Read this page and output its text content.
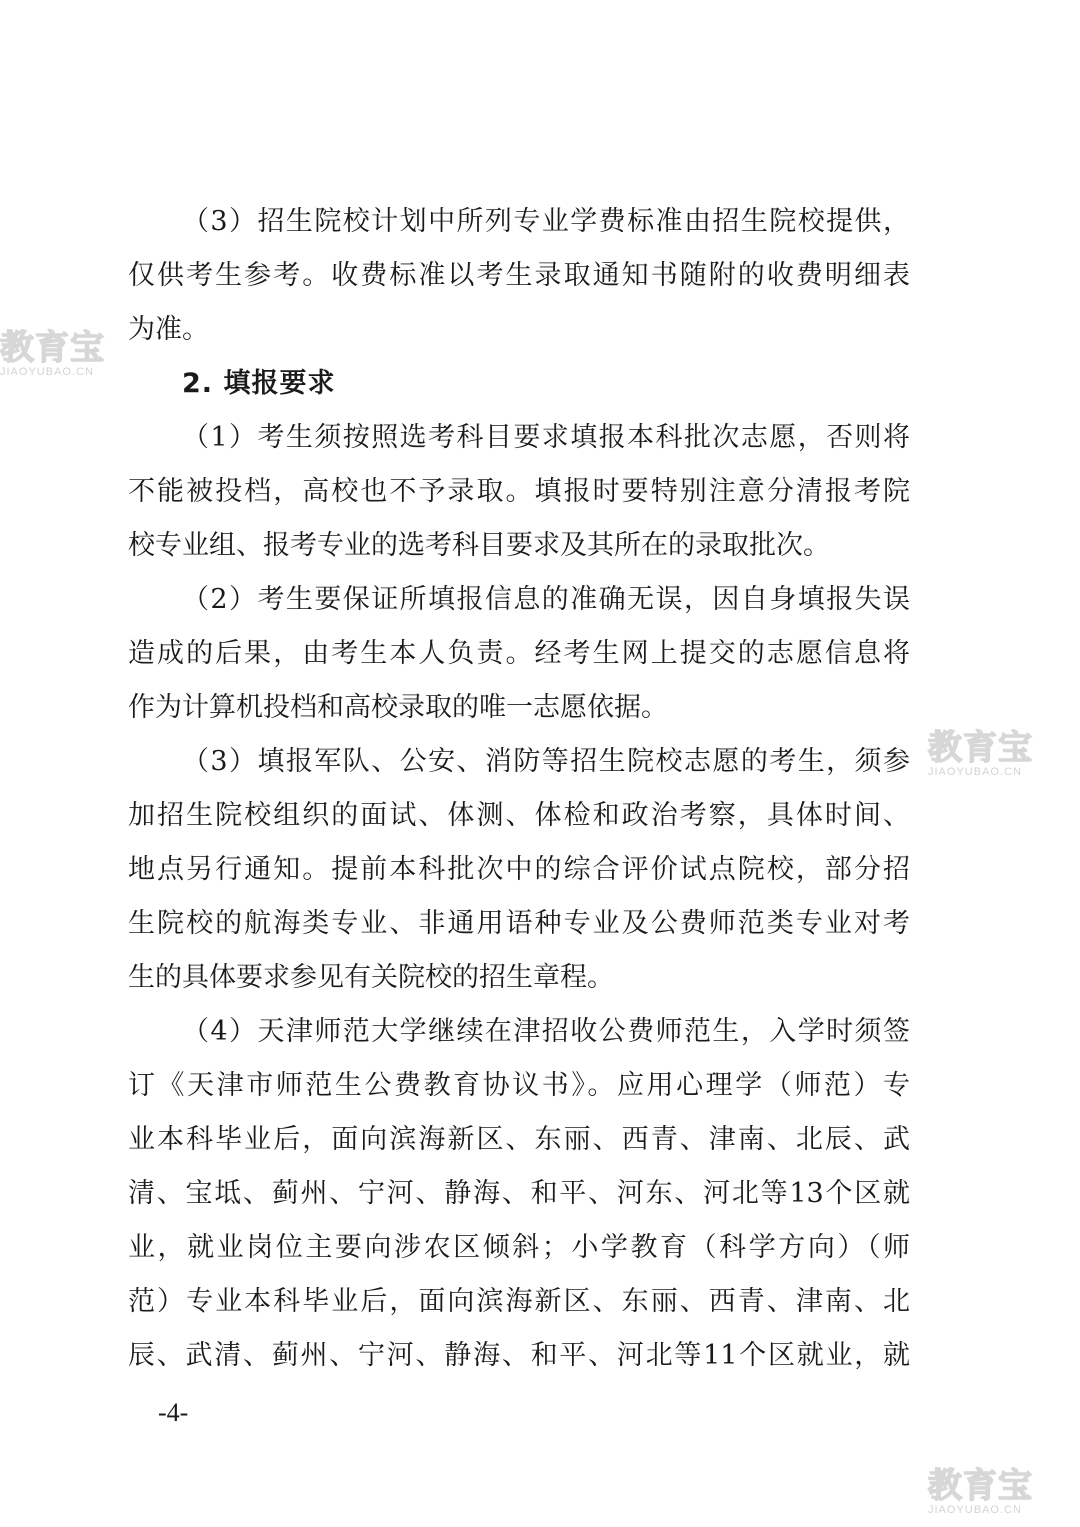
（3）招生院校计划中所列专业学费标准由招生院校提供，
仅供考生参考。收费标准以考生录取通知书随附的收费明细表
为准。
2. 填报要求
（1）考生须按照选考科目要求填报本科批次志愿，否则将
不能被投档，高校也不予录取。填报时要特别注意分清报考院
校专业组、报考专业的选考科目要求及其所在的录取批次。
（2）考生要保证所填报信息的准确无误，因自身填报失误
造成的后果，由考生本人负责。经考生网上提交的志愿信息将
作为计算机投档和高校录取的唯一志愿依据。
（3）填报军队、公安、消防等招生院校志愿的考生，须参
加招生院校组织的面试、体测、体检和政治考察，具体时间、
地点另行通知。提前本科批次中的综合评价试点院校，部分招
生院校的航海类专业、非通用语种专业及公费师范类专业对考
生的具体要求参见有关院校的招生章程。
（4）天津师范大学继续在津招收公费师范生，入学时须签
订《天津市师范生公费教育协议书》。应用心理学（师范）专
业本科毕业后，面向滨海新区、东丽、西青、津南、北辰、武
清、宝坻、蓟州、宁河、静海、和平、河东、河北等13个区就
业，就业岗位主要向涉农区倾斜；小学教育（科学方向）（师
范）专业本科毕业后，面向滨海新区、东丽、西青、津南、北
辰、武清、蓟州、宁河、静海、和平、河北等11个区就业，就
-4-
教育宝
JIAOYUBAO.CN
教育宝
JIAOYUBAO.CN
教育宝
JIAOYUBAO.CN
